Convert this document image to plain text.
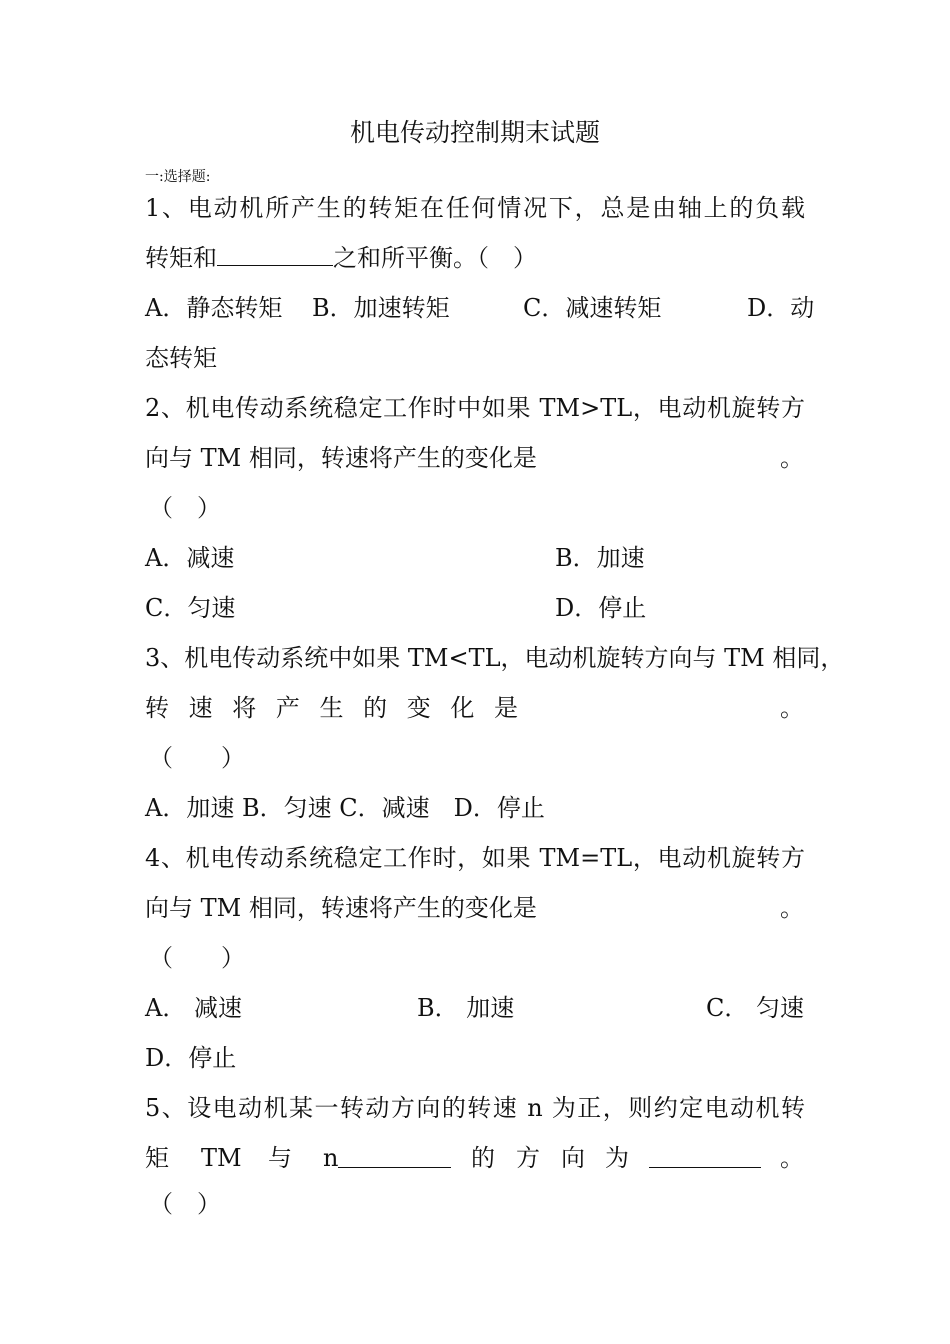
机电传动控制期末试题
一:选择题:
1、电动机所产生的转矩在任何情况下，总是由轴上的负载
转矩和	之和所平衡。（　）
A．静态转矩 B．加速转矩	C．减速转矩	D．动
态转矩
2、机电传动系统稳定工作时中如果 TM>TL，电动机旋转方
向与 TM 相同，转速将产生的变化是	。
（　）
A．减速	B．加速
C．匀速	D．停止
3、机电传动系统中如果 TM<TL，电动机旋转方向与 TM 相同，
转 速 将 产 生 的 变 化 是	。
（　　）
A．加速 B．匀速 C．减速　D．停止
4、机电传动系统稳定工作时，如果 TM=TL，电动机旋转方
向与 TM 相同，转速将产生的变化是	。
（　　）
A． 减速	B． 加速	C． 匀速
D．停止
5、设电动机某一转动方向的转速 n 为正，则约定电动机转
矩 TM 与 n	的 方 向 为	。
（　）
